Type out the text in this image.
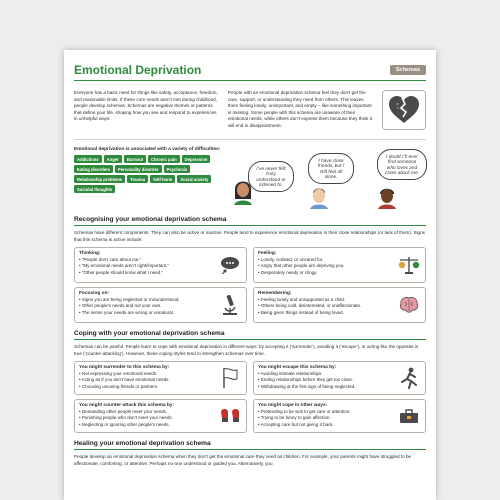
Emotional Deprivation	Schemas
Everyone has a basic need for things like safety, acceptance, freedom, and reasonable limits. If these core needs aren’t met during childhood, people develop schemas. Schemas are negative themes or patterns that define your life, shaping how you see and respond to experiences in unhelpful ways.
People with an emotional deprivation schema feel they don’t get the care, support, or understanding they need from others. This leaves them feeling lonely, unimportant, and empty – like something important is missing. Some people with this schema are unaware of their emotional needs, while others don’t express them because they think it will end in disappointment.
Emotional deprivation is associated with a variety of difficulties:
Addictions	Anger	Burnout	Chronic pain	Depression
Eating disorders	Personality disorder	Psychosis
Relationship problems	Trauma	Self-harm	Social anxiety
Suicidal thoughts
I’ve never felt truly understood or listened to.
I have close friends, but I still feel all alone.
I doubt I’ll ever find someone who loves and cares about me.
Recognising your emotional deprivation schema
Schemas have different components. They can also be active or inactive. People tend to experience emotional deprivation in their close relationships (or lack of them). Signs that this schema is active include:
Thinking:
• “People don’t care about me.”
• “My emotional needs aren’t right/important.”
• “Other people should know what I need.”
Feeling:
• Lonely, isolated, or uncared for.
• Angry that other people are depriving you.
• Desperately needy or clingy.
Focusing on:
• Signs you are being neglected or misunderstood.
• Other people’s needs and not your own.
• The sense your needs are wrong or unnatural.
Remembering:
• Feeling lonely and unsupported as a child.
• Others being cold, disinterested, or unaffectionate.
• Being given things instead of being loved.
Coping with your emotional deprivation schema
Schemas can be painful. People learn to cope with emotional deprivation in different ways: by accepting it (‘surrender’), avoiding it (‘escape’), or acting like the opposite is true (‘counter-attacking’). However, these coping styles tend to strengthen schemas over time.
You might surrender to this schema by:
• Not expressing your emotional needs.
• Acting as if you don’t have emotional needs.
• Choosing uncaring friends or partners.
You might escape this schema by:
• Avoiding intimate relationships.
• Ending relationships before they get too close.
• Withdrawing at the first sign of being neglected.
You might counter-attack this schema by:
• Demanding other people meet your needs.
• Punishing people who don’t meet your needs.
• Neglecting or ignoring other people’s needs.
You might cope in other ways:
• Pretending to be sick to get care or attention.
• Trying to be funny to gain affection.
• Accepting care but not giving it back.
Healing your emotional deprivation schema
People develop an emotional deprivation schema when they don’t get the emotional care they need as children. For example, your parents might have struggled to be affectionate, comforting, or attentive. Perhaps no-one understood or guided you. Alternatively, you
